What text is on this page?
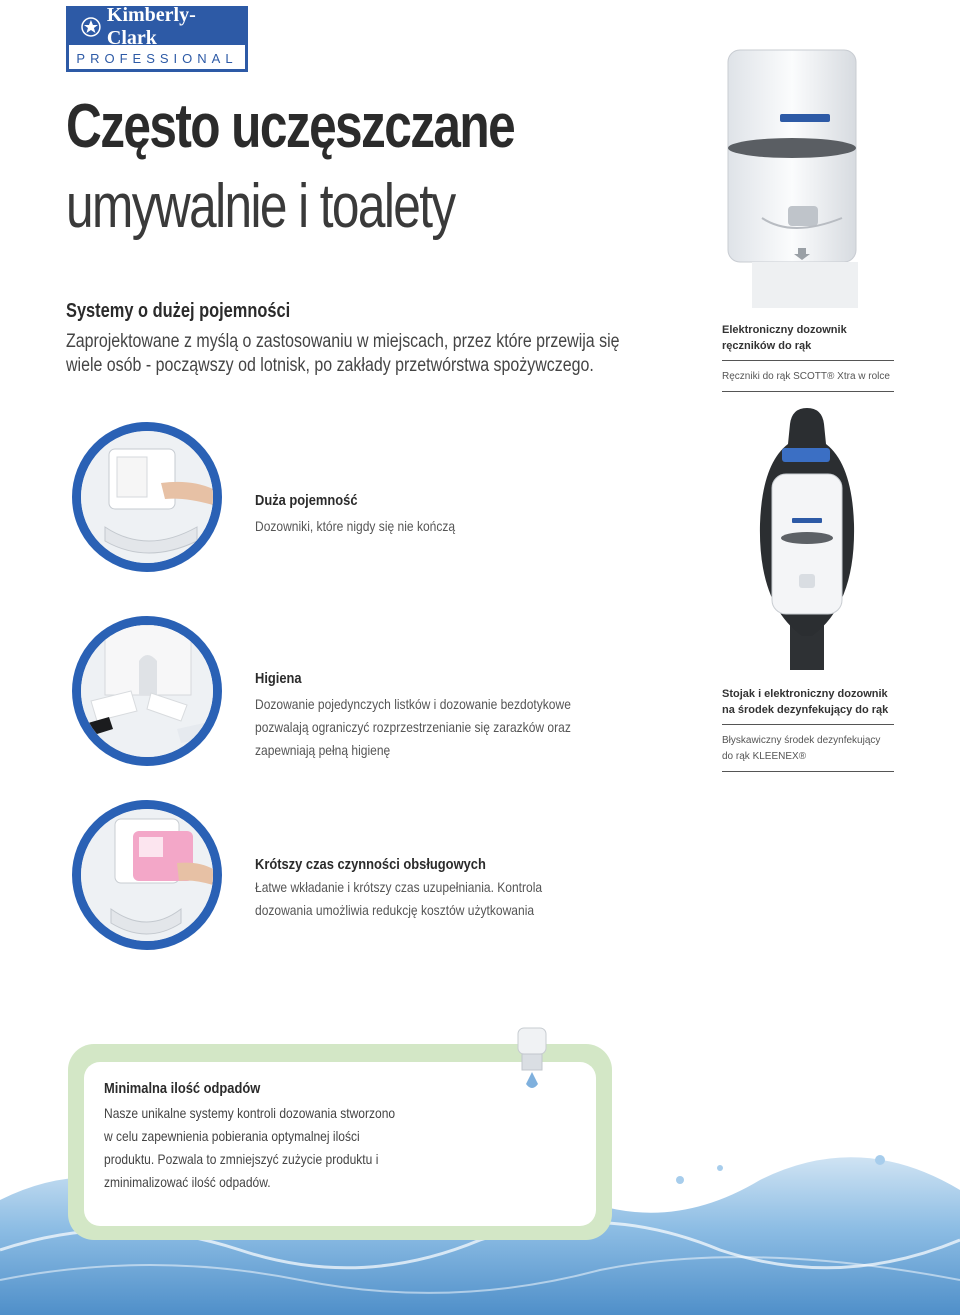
Kimberly-Clark
PROFESSIONAL
Często uczęszczane
umywalnie i toalety
Systemy o dużej pojemności
Zaprojektowane z myślą o zastosowaniu w miejscach, przez które przewija się wiele osób - począwszy od lotnisk, po zakłady przetwórstwa spożywczego.
Elektroniczny dozownik ręczników do rąk
Ręczniki do rąk SCOTT® Xtra w rolce
Stojak i elektroniczny dozownik na środek dezynfekujący do rąk
Błyskawiczny środek dezynfekujący do rąk KLEENEX®
Duża pojemność
Dozowniki, które nigdy się nie kończą
Higiena
Dozowanie pojedynczych listków i dozowanie bezdotykowe pozwalają ograniczyć rozprzestrzenianie się zarazków oraz zapewniają pełną higienę
Krótszy czas czynności obsługowych
Łatwe wkładanie i krótszy czas uzupełniania. Kontrola dozowania umożliwia redukcję kosztów użytkowania
Minimalna ilość odpadów
Nasze unikalne systemy kontroli dozowania stworzono w celu zapewnienia pobierania optymalnej ilości produktu. Pozwala to zmniejszyć zużycie produktu i zminimalizować ilość odpadów.
